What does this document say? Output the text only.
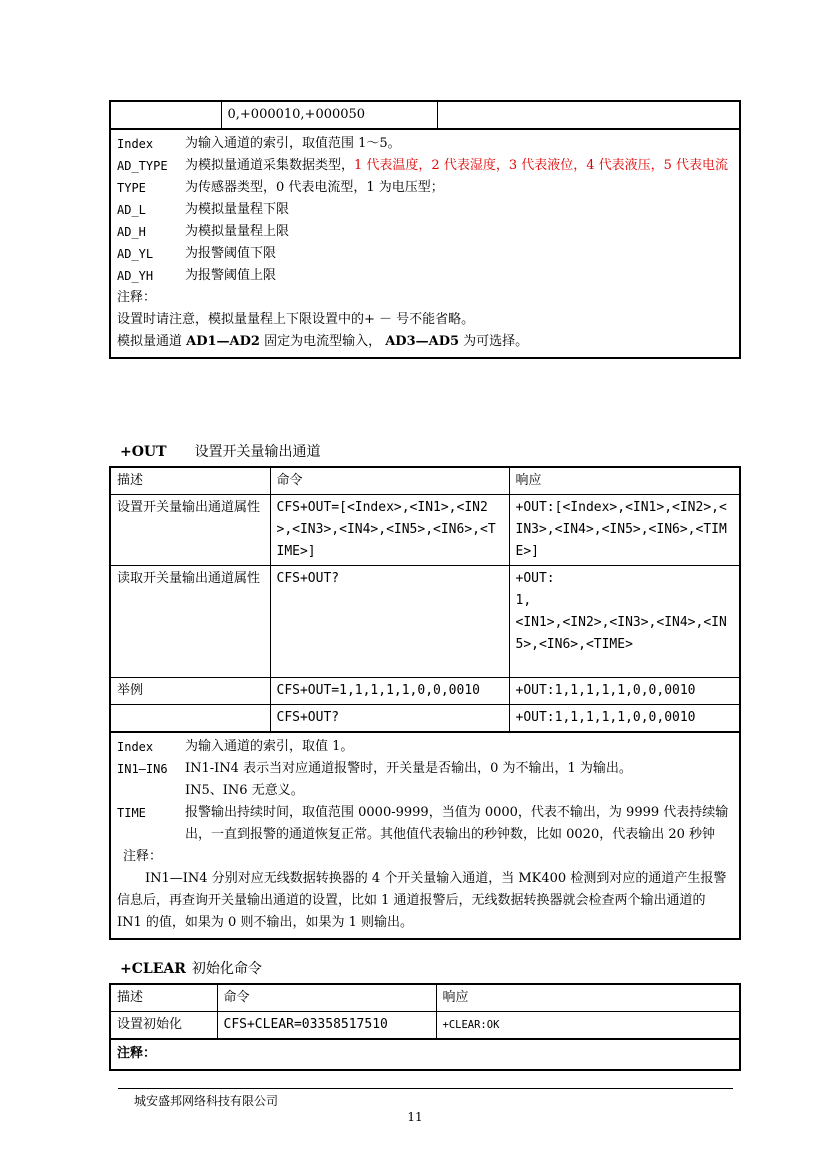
	0,+000010,+000050	
Index	为输入通道的索引，取值范围 1～5。
AD_TYPE	为模拟量通道采集数据类型，1 代表温度，2 代表湿度，3 代表液位，4 代表液压，5 代表电流
TYPE	为传感器类型，0 代表电流型，1 为电压型；
AD_L	为模拟量量程下限
AD_H	为模拟量量程上限
AD_YL	为报警阈值下限
AD_YH	为报警阈值上限
注释：
设置时请注意，模拟量量程上下限设置中的+ － 号不能省略。
模拟量通道 AD1—AD2 固定为电流型输入， AD3—AD5 为可选择。
+OUT 设置开关量输出通道
描述	命令	响应
设置开关量输出通道属性	CFS+OUT=[<Index>,<IN1>,<IN2>,<IN3>,<IN4>,<IN5>,<IN6>,<TIME>]	+OUT:[<Index>,<IN1>,<IN2>,<IN3>,<IN4>,<IN5>,<IN6>,<TIME>]
读取开关量输出通道属性	CFS+OUT?	+OUT:
1,
<IN1>,<IN2>,<IN3>,<IN4>,<IN5>,<IN6>,<TIME>

举例	CFS+OUT=1,1,1,1,1,0,0,0010	+OUT:1,1,1,1,1,0,0,0010
	CFS+OUT?	+OUT:1,1,1,1,1,0,0,0010
Index	为输入通道的索引，取值 1。
IN1—IN6	IN1-IN4 表示当对应通道报警时，开关量是否输出，0 为不输出，1 为输出。
IN5、IN6 无意义。
TIME	报警输出持续时间，取值范围 0000-9999，当值为 0000，代表不输出，为 9999 代表持续输出，一直到报警的通道恢复正常。其他值代表输出的秒钟数，比如 0020，代表输出 20 秒钟
注释：
IN1—IN4 分别对应无线数据转换器的 4 个开关量输入通道，当 MK400 检测到对应的通道产生报警信息后，再查询开关量输出通道的设置，比如 1 通道报警后，无线数据转换器就会检查两个输出通道的 IN1 的值，如果为 0 则不输出，如果为 1 则输出。
+CLEAR 初始化命令
描述	命令	响应
设置初始化	CFS+CLEAR=03358517510	+CLEAR:OK
注释：
城安盛邦网络科技有限公司
11
